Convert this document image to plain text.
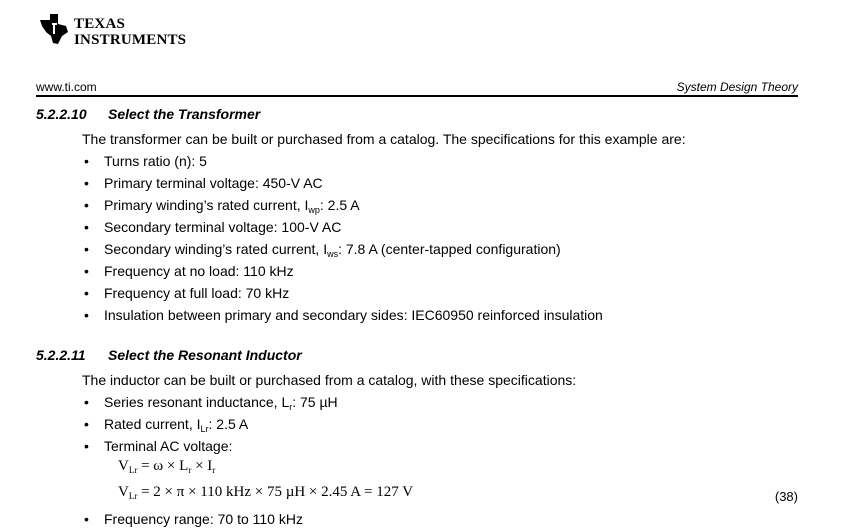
TEXAS
INSTRUMENTS
www.ti.com	System Design Theory
5.2.2.10 Select the Transformer
The transformer can be built or purchased from a catalog. The specifications for this example are:
• Turns ratio (n): 5
• Primary terminal voltage: 450-V AC
• Primary winding’s rated current, $I_{wp}$: 2.5 A
• Secondary terminal voltage: 100-V AC
• Secondary winding’s rated current, $I_{ws}$: 7.8 A (center-tapped configuration)
• Frequency at no load: 110 kHz
• Frequency at full load: 70 kHz
• Insulation between primary and secondary sides: IEC60950 reinforced insulation
5.2.2.11 Select the Resonant Inductor
The inductor can be built or purchased from a catalog, with these specifications:
• Series resonant inductance, $L_r$: 75 µH
• Rated current, $I_{Lr}$: 2.5 A
• Terminal AC voltage:
$V_{Lr} = \omega \times L_r \times I_r$
$V_{Lr} = 2 \times \pi \times 110$ kHz × 75 µH × 2.45 A = 127 V	(38)
• Frequency range: 70 to 110 kHz
